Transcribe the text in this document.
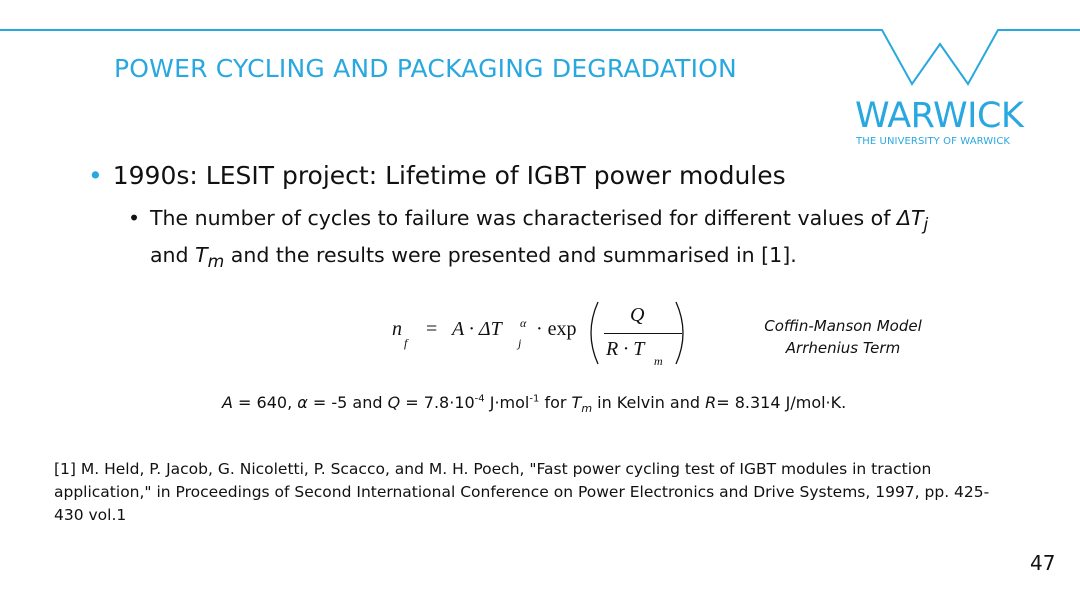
POWER CYCLING AND PACKAGING DEGRADATION
WARWICK
THE UNIVERSITY OF WARWICK
• 1990s: LESIT project: Lifetime of IGBT power modules
• The number of cycles to failure was characterised for different values of $\Delta T_j$
and $T_m$ and the results were presented and summarised in [1].
n
f
= A · ΔT α
j
· exp
Q
R · T
m
Coffin-Manson Model
Arrhenius Term
A = 640, α = -5 and $Q = 7.8\cdot 10^{-4}$ J·mol$^{-1}$ for $T_m$ in Kelvin and R= 8.314 J/mol·K.
[1] M. Held, P. Jacob, G. Nicoletti, P. Scacco, and M. H. Poech, "Fast power cycling test of IGBT modules in traction application," in Proceedings of Second International Conference on Power Electronics and Drive Systems, 1997, pp. 425-430 vol.1
47
